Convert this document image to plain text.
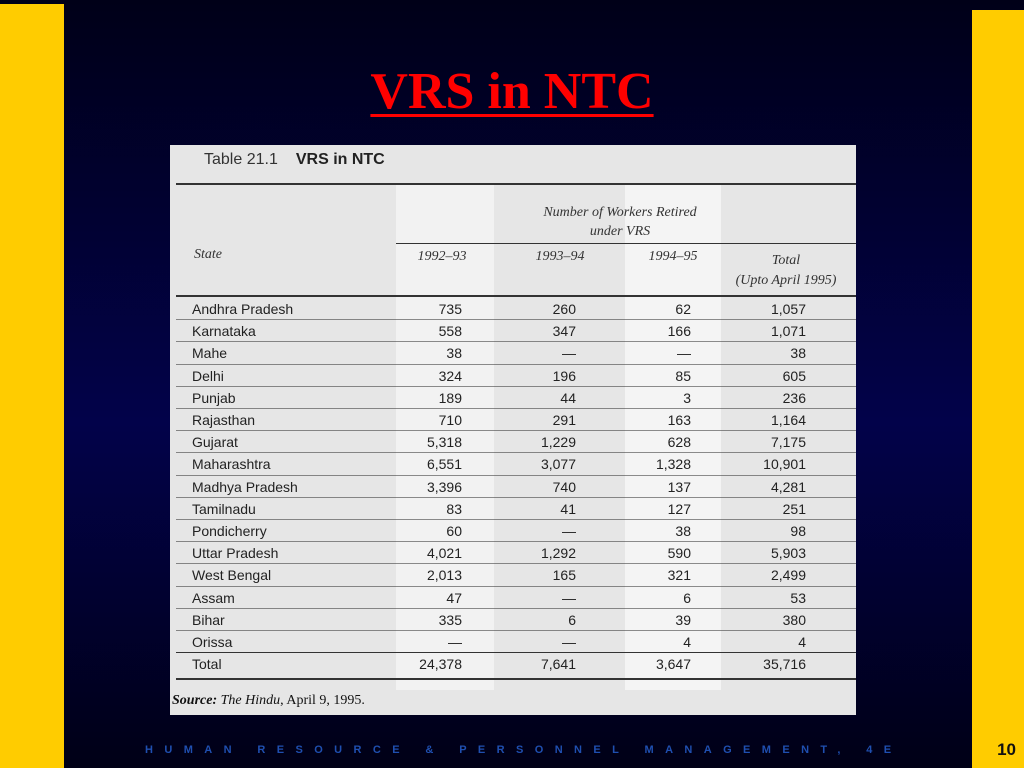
VRS in NTC
Table 21.1 VRS in NTC
Number of Workers Retired under VRS
State	1992–93	1993–94	1994–95	Total
(Upto April 1995)
Andhra Pradesh	735	260	62	1,057
Karnataka	558	347	166	1,071
Mahe	38	—	—	38
Delhi	324	196	85	605
Punjab	189	44	3	236
Rajasthan	710	291	163	1,164
Gujarat	5,318	1,229	628	7,175
Maharashtra	6,551	3,077	1,328	10,901
Madhya Pradesh	3,396	740	137	4,281
Tamilnadu	83	41	127	251
Pondicherry	60	—	38	98
Uttar Pradesh	4,021	1,292	590	5,903
West Bengal	2,013	165	321	2,499
Assam	47	—	6	53
Bihar	335	6	39	380
Orissa	—	—	4	4
Total	24,378	7,641	3,647	35,716
Source: The Hindu, April 9, 1995.
HUMAN RESOURCE & PERSONNEL MANAGEMENT, 4E	10
